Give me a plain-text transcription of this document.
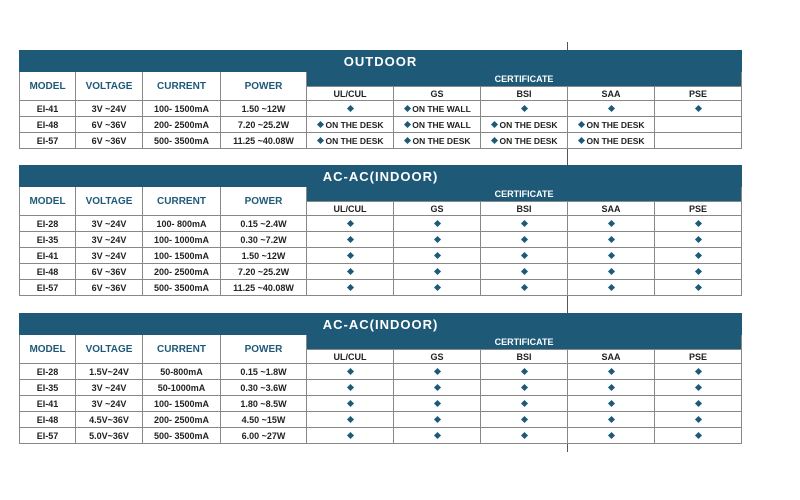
OUTDOOR								
MODEL	VOLTAGE	CURRENT	POWER	CERTIFICATE				
				UL/CUL	GS	BSI	SAA	PSE
EI-41	3V ~24V	100- 1500mA	1.50 ~12W		ON THE WALL			
EI-48	6V ~36V	200- 2500mA	7.20 ~25.2W	ON THE DESK	ON THE WALL	ON THE DESK	ON THE DESK	
EI-57	6V ~36V	500- 3500mA	11.25 ~40.08W	ON THE DESK	ON THE DESK	ON THE DESK	ON THE DESK	
AC-AC(INDOOR)								
MODEL	VOLTAGE	CURRENT	POWER	CERTIFICATE				
				UL/CUL	GS	BSI	SAA	PSE
EI-28	3V ~24V	100- 800mA	0.15 ~2.4W					
EI-35	3V ~24V	100- 1000mA	0.30 ~7.2W					
EI-41	3V ~24V	100- 1500mA	1.50 ~12W					
EI-48	6V ~36V	200- 2500mA	7.20 ~25.2W					
EI-57	6V ~36V	500- 3500mA	11.25 ~40.08W					
AC-AC(INDOOR)								
MODEL	VOLTAGE	CURRENT	POWER	CERTIFICATE				
				UL/CUL	GS	BSI	SAA	PSE
EI-28	1.5V~24V	50-800mA	0.15 ~1.8W					
EI-35	3V ~24V	50-1000mA	0.30 ~3.6W					
EI-41	3V ~24V	100- 1500mA	1.80 ~8.5W					
EI-48	4.5V~36V	200- 2500mA	4.50 ~15W					
EI-57	5.0V~36V	500- 3500mA	6.00 ~27W					
